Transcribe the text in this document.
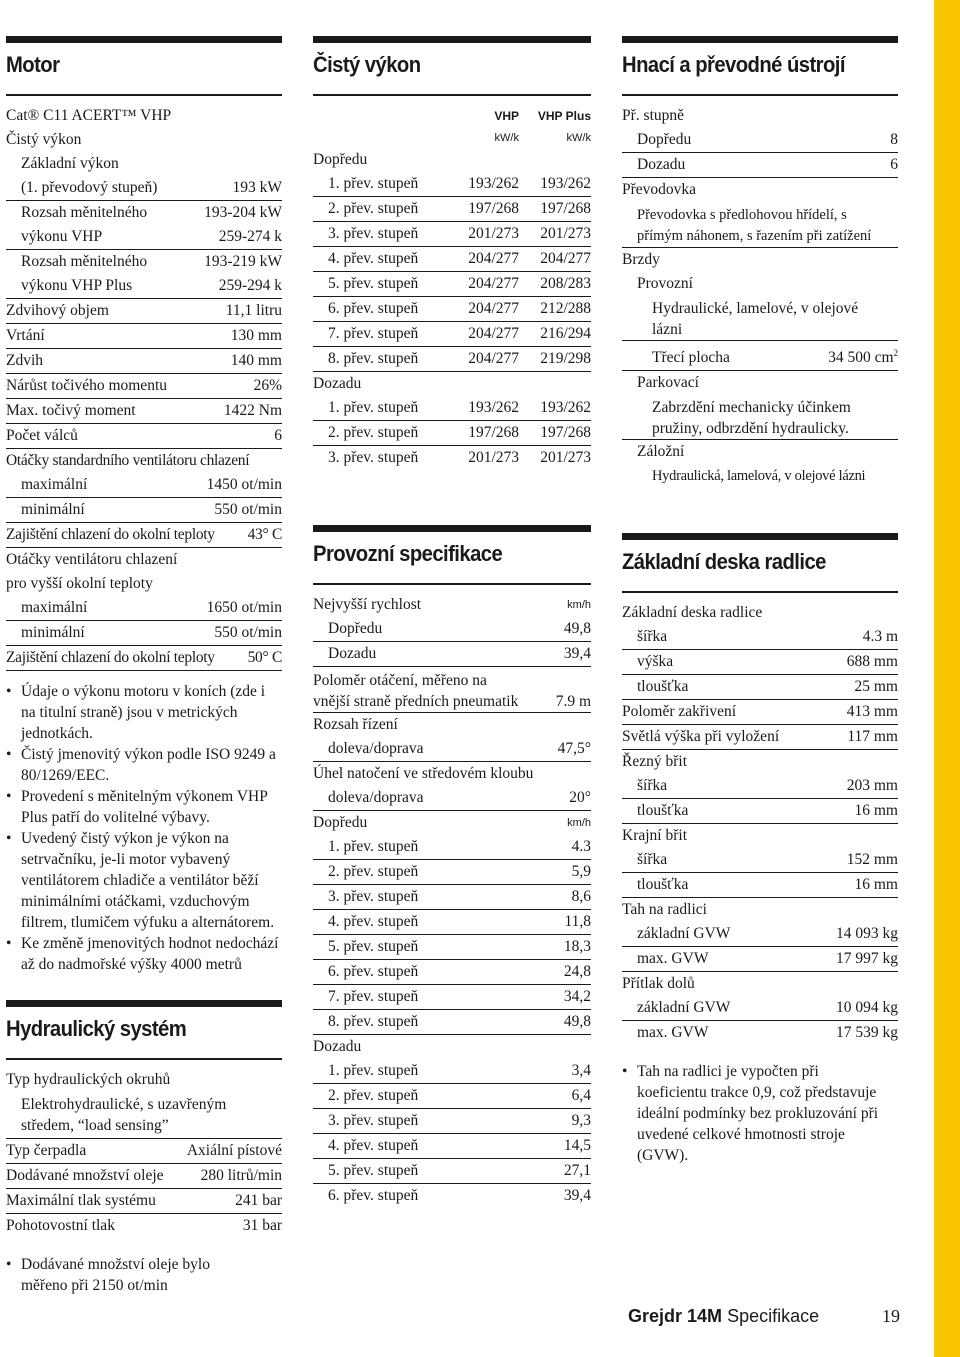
Motor
Cat® C11 ACERT™ VHP
Čistý výkon
Základní výkon
(1. převodový stupeň)	193 kW
Rozsah měnitelného	193-204 kW
výkonu VHP	259-274 k
Rozsah měnitelného	193-219 kW
výkonu VHP Plus	259-294 k
Zdvihový objem	11,1 litru
Vrtání	130 mm
Zdvih	140 mm
Nárůst točivého momentu	26%
Max. točivý moment	1422 Nm
Počet válců	6
Otáčky standardního ventilátoru chlazení
maximální	1450 ot/min
minimální	550 ot/min
Zajištění chlazení do okolní teploty 43° C
Otáčky ventilátoru chlazení
pro vyšší okolní teploty
maximální	1650 ot/min
minimální	550 ot/min
Zajištění chlazení do okolní teploty 50° C
• Údaje o výkonu motoru v koních (zde i na titulní straně) jsou v metrických jednotkách.
• Čistý jmenovitý výkon podle ISO 9249 a 80/1269/EEC.
• Provedení s měnitelným výkonem VHP Plus patří do volitelné výbavy.
• Uvedený čistý výkon je výkon na setrvačníku, je-li motor vybavený ventilátorem chladiče a ventilátor běží minimálními otáčkami, vzduchovým filtrem, tlumičem výfuku a alternátorem.
• Ke změně jmenovitých hodnot nedochází až do nadmořské výšky 4000 metrů
Hydraulický systém
Typ hydraulických okruhů
Elektrohydraulické, s uzavřeným středem, “load sensing”
Typ čerpadla	Axiální pístové
Dodávané množství oleje 280 litrů/min
Maximální tlak systému	241 bar
Pohotovostní tlak	31 bar
• Dodávané množství oleje bylo měřeno při 2150 ot/min
Čistý výkon
VHP	VHP Plus
kW/k	kW/k
Dopředu
1. přev. stupeň	193/262	193/262
2. přev. stupeň	197/268	197/268
3. přev. stupeň	201/273	201/273
4. přev. stupeň	204/277	204/277
5. přev. stupeň	204/277	208/283
6. přev. stupeň	204/277	212/288
7. přev. stupeň	204/277	216/294
8. přev. stupeň	204/277	219/298
Dozadu
1. přev. stupeň	193/262	193/262
2. přev. stupeň	197/268	197/268
3. přev. stupeň	201/273	201/273
Provozní specifikace
Nejvyšší rychlost	km/h
Dopředu	49,8
Dozadu	39,4
Poloměr otáčení, měřeno na
vnější straně předních pneumatik 7.9 m
Rozsah řízení
doleva/doprava	47,5°
Úhel natočení ve středovém kloubu
doleva/doprava	20°
Dopředu	km/h
1. přev. stupeň	4.3
2. přev. stupeň	5,9
3. přev. stupeň	8,6
4. přev. stupeň	11,8
5. přev. stupeň	18,3
6. přev. stupeň	24,8
7. přev. stupeň	34,2
8. přev. stupeň	49,8
Dozadu
1. přev. stupeň	3,4
2. přev. stupeň	6,4
3. přev. stupeň	9,3
4. přev. stupeň	14,5
5. přev. stupeň	27,1
6. přev. stupeň	39,4
Hnací a převodné ústrojí
Př. stupně
Dopředu	8
Dozadu	6
Převodovka
Převodovka s předlohovou hřídelí, s
přímým náhonem, s řazením při zatížení
Brzdy
Provozní
Hydraulické, lamelové, v olejové
lázni
Třecí plocha	34 500 $cm^2$
Parkovací
Zabrzdění mechanicky účinkem
pružiny, odbrzdění hydraulicky.
Záložní
Hydraulická, lamelová, v olejové lázni
Základní deska radlice
Základní deska radlice
šířka	4.3 m
výška	688 mm
tloušťka	25 mm
Poloměr zakřivení	413 mm
Světlá výška při vyložení	117 mm
Řezný břit
šířka	203 mm
tloušťka	16 mm
Krajní břit
šířka	152 mm
tloušťka	16 mm
Tah na radlici
základní GVW	14 093 kg
max. GVW	17 997 kg
Přítlak dolů
základní GVW	10 094 kg
max. GVW	17 539 kg
• Tah na radlici je vypočten při koeficientu trakce 0,9, což představuje ideální podmínky bez prokluzování při uvedené celkové hmotnosti stroje (GVW).
Grejdr 14M Specifikace	19
